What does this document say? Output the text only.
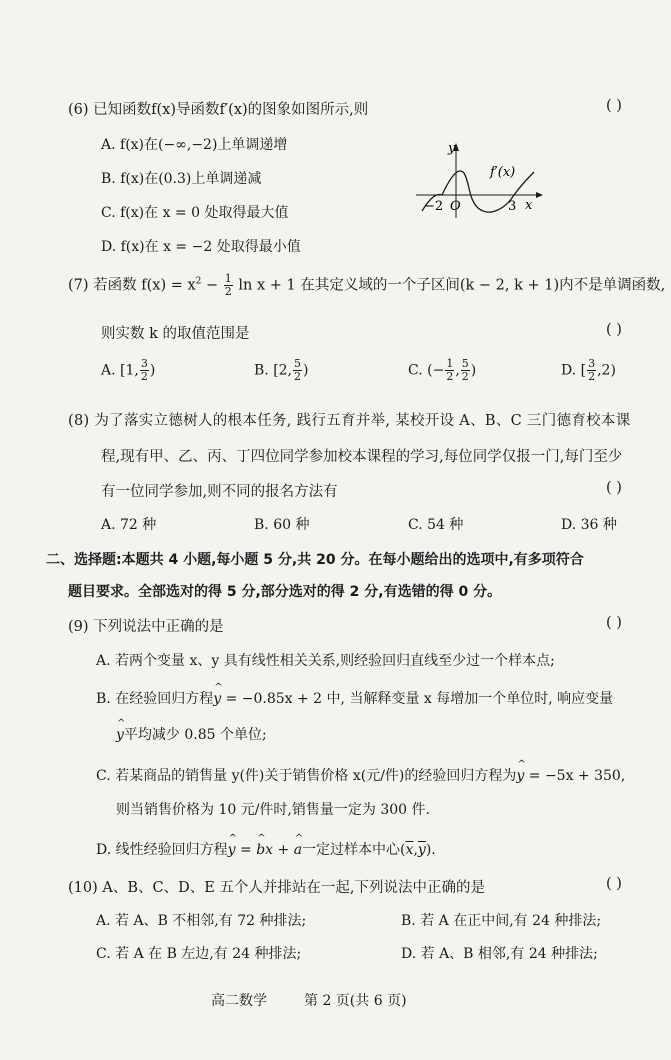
(6) 已知函数f(x)导函数f′(x)的图象如图所示,则	( )
A. f(x)在(−∞,−2)上单调递增
B. f(x)在(0.3)上单调递减
C. f(x)在 x = 0 处取得最大值
D. f(x)在 x = −2 处取得最小值
y
f′(x)
−2 O	3 x
(7) 若函数 $f(x) = x^2 - \frac{1}{2}$ ln x + 1 在其定义域的一个子区间(k − 2, k + 1)内不是单调函数,
则实数 k 的取值范围是	( )
A. [1, $\frac{3}{2}$ )	B. [2, $\frac{5}{2}$ )	C. (− $\frac{1}{2}$ , $\frac{5}{2}$ )	D. [ $\frac{3}{2} ,2$)
(8) 为了落实立德树人的根本任务, 践行五育并举, 某校开设 A、B、C 三门德育校本课
程,现有甲、乙、丙、丁四位同学参加校本课程的学习,每位同学仅报一门,每门至少
有一位同学参加,则不同的报名方法有	( )
A. 72 种	B. 60 种	C. 54 种	D. 36 种
二、选择题:本题共 4 小题,每小题 5 分,共 20 分。在每小题给出的选项中,有多项符合
题目要求。全部选对的得 5 分,部分选对的得 2 分,有选错的得 0 分。
(9) 下列说法中正确的是	( )
A. 若两个变量 x、y 具有线性相关关系,则经验回归直线至少过一个样本点;
B. 在经验回归方程^ y = −0.85x + 2 中, 当解释变量 x 每增加一个单位时, 响应变量
^ y平均减少 0.85 个单位;
C. 若某商品的销售量 y(件)关于销售价格 x(元/件)的经验回归方程为^ y = −5x + 350,
则当销售价格为 10 元/件时,销售量一定为 300 件.
D. 线性经验回归方程^ y = ^ bx + ^ a一定过样本中心$(\overline{x},\overline{y})$.
(10) A、B、C、D、E 五个人并排站在一起,下列说法中正确的是	( )
A. 若 A、B 不相邻,有 72 种排法;	B. 若 A 在正中间,有 24 种排法;
C. 若 A 在 B 左边,有 24 种排法;	D. 若 A、B 相邻,有 24 种排法;
高二数学	第 2 页(共 6 页)
